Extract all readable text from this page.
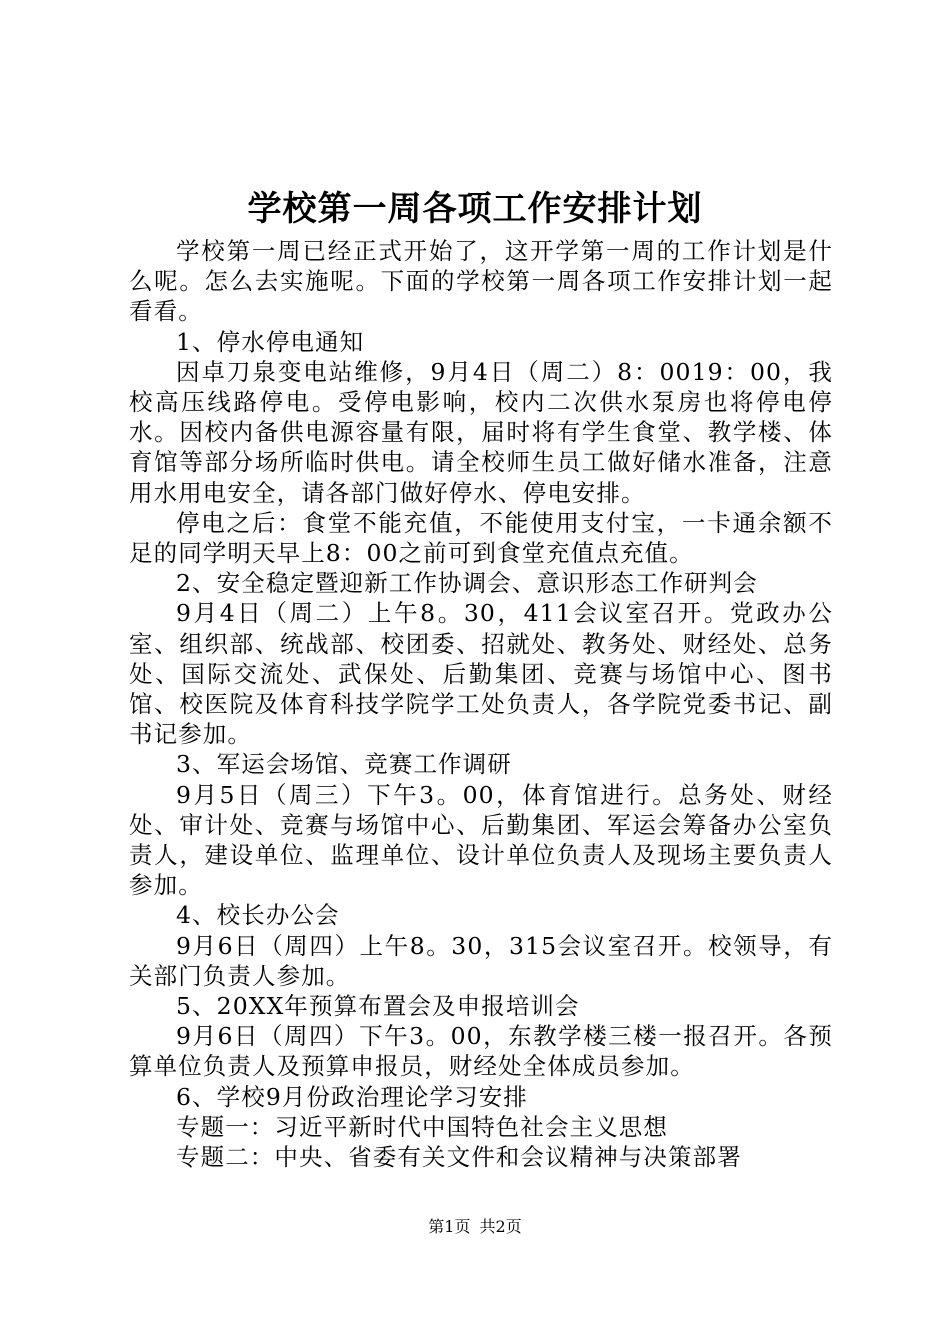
学校第一周各项工作安排计划

学校第一周已经正式开始了，这开学第一周的工作计划是什么呢。怎么去实施呢。下面的学校第一周各项工作安排计划一起看看。

1、停水停电通知

因卓刀泉变电站维修，9月4日（周二）8：0019：00，我校高压线路停电。受停电影响，校内二次供水泵房也将停电停水。因校内备供电源容量有限，届时将有学生食堂、教学楼、体育馆等部分场所临时供电。请全校师生员工做好储水准备，注意用水用电安全，请各部门做好停水、停电安排。

停电之后：食堂不能充值，不能使用支付宝，一卡通余额不足的同学明天早上8：00之前可到食堂充值点充值。

2、安全稳定暨迎新工作协调会、意识形态工作研判会

9月4日（周二）上午8。30，411会议室召开。党政办公室、组织部、统战部、校团委、招就处、教务处、财经处、总务处、国际交流处、武保处、后勤集团、竞赛与场馆中心、图书馆、校医院及体育科技学院学工处负责人，各学院党委书记、副书记参加。

3、军运会场馆、竞赛工作调研

9月5日（周三）下午3。00，体育馆进行。总务处、财经处、审计处、竞赛与场馆中心、后勤集团、军运会筹备办公室负责人，建设单位、监理单位、设计单位负责人及现场主要负责人参加。

4、校长办公会

9月6日（周四）上午8。30，315会议室召开。校领导，有关部门负责人参加。

5、20XX年预算布置会及申报培训会

9月6日（周四）下午3。00，东教学楼三楼一报召开。各预算单位负责人及预算申报员，财经处全体成员参加。

6、学校9月份政治理论学习安排

专题一：习近平新时代中国特色社会主义思想

专题二：中央、省委有关文件和会议精神与决策部署

第1页 共2页
